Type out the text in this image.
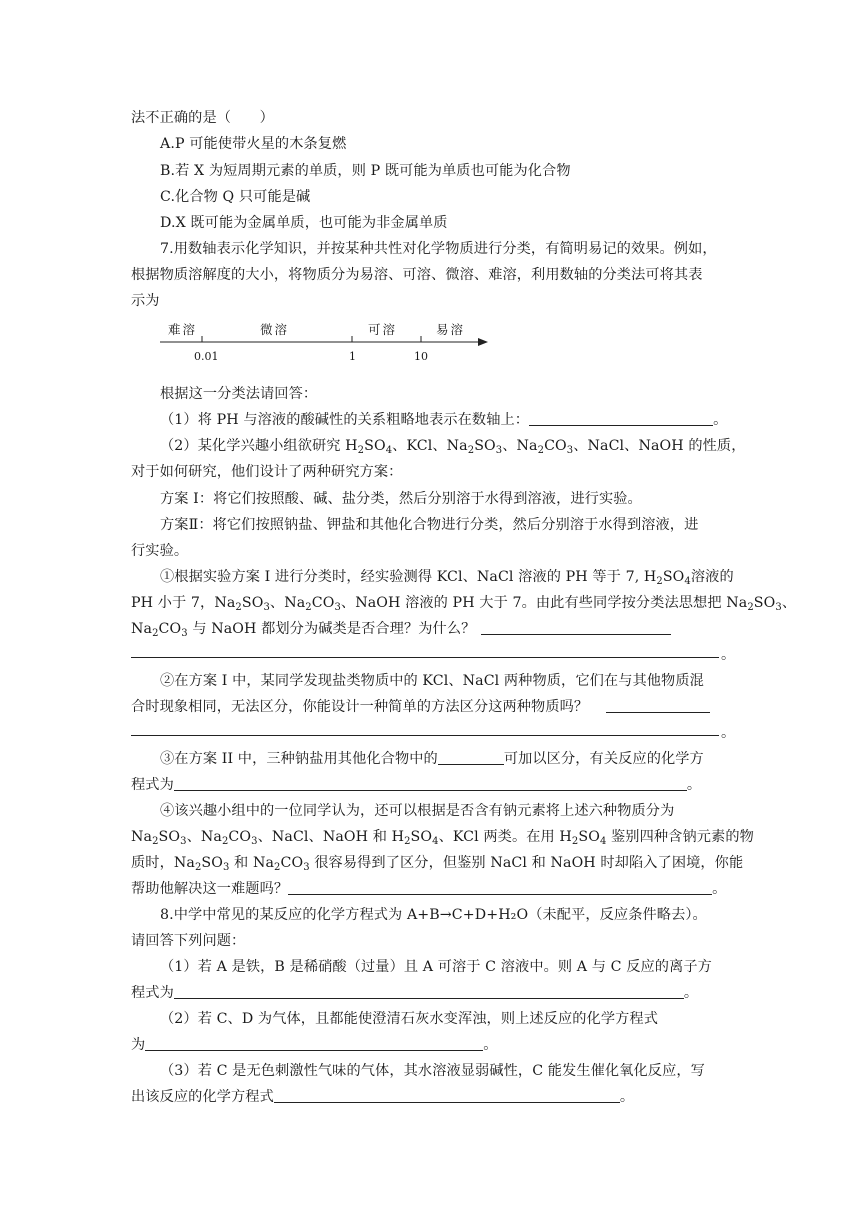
法不正确的是（　　）
A.P 可能使带火星的木条复燃
B.若 X 为短周期元素的单质，则 P 既可能为单质也可能为化合物
C.化合物 Q 只可能是碱
D.X 既可能为金属单质，也可能为非金属单质
7.用数轴表示化学知识，并按某种共性对化学物质进行分类，有简明易记的效果。例如，
根据物质溶解度的大小，将物质分为易溶、可溶、微溶、难溶，利用数轴的分类法可将其表
示为
难溶	微溶	可溶	易溶
0.01	1	10
根据这一分类法请回答：
（1）将 PH 与溶液的酸碱性的关系粗略地表示在数轴上：	。
（2）某化学兴趣小组欲研究 $H_2SO_4$、KCl、$Na_2SO_3$、$Na_2CO_3$、NaCl、NaOH 的性质，
对于如何研究，他们设计了两种研究方案：
方案 I：将它们按照酸、碱、盐分类，然后分别溶于水得到溶液，进行实验。
方案Ⅱ：将它们按照钠盐、钾盐和其他化合物进行分类，然后分别溶于水得到溶液，进
行实验。
①根据实验方案 I 进行分类时，经实验测得 KCl、NaCl 溶液的 PH 等于 7, $H_2SO_4$溶液的
PH 小于 7，$Na_2SO_3$、$Na_2CO_3$、NaOH 溶液的 PH 大于 7。由此有些同学按分类法思想把 $Na_2SO_3$、
$Na_2CO_3$ 与 NaOH 都划分为碱类是否合理？为什么？
。
②在方案 I 中，某同学发现盐类物质中的 KCl、NaCl 两种物质，它们在与其他物质混
合时现象相同，无法区分，你能设计一种简单的方法区分这两种物质吗？
。
③在方案 II 中，三种钠盐用其他化合物中的	可加以区分，有关反应的化学方
程式为	。
④该兴趣小组中的一位同学认为，还可以根据是否含有钠元素将上述六种物质分为
$Na_2SO_3$、$Na_2CO_3$、NaCl、NaOH 和 $H_2SO_4$、KCl 两类。在用 $H_2SO_4$ 鉴别四种含钠元素的物
质时，$Na_2SO_3$ 和 $Na_2CO_3$ 很容易得到了区分，但鉴别 NaCl 和 NaOH 时却陷入了困境，你能
帮助他解决这一难题吗？	。
8.中学中常见的某反应的化学方程式为 A+B→C+D+H₂O（未配平，反应条件略去）。
请回答下列问题：
（1）若 A 是铁，B 是稀硝酸（过量）且 A 可溶于 C 溶液中。则 A 与 C 反应的离子方
程式为	。
（2）若 C、D 为气体，且都能使澄清石灰水变浑浊，则上述反应的化学方程式
为	。
（3）若 C 是无色刺激性气味的气体，其水溶液显弱碱性，C 能发生催化氧化反应，写
出该反应的化学方程式	。
